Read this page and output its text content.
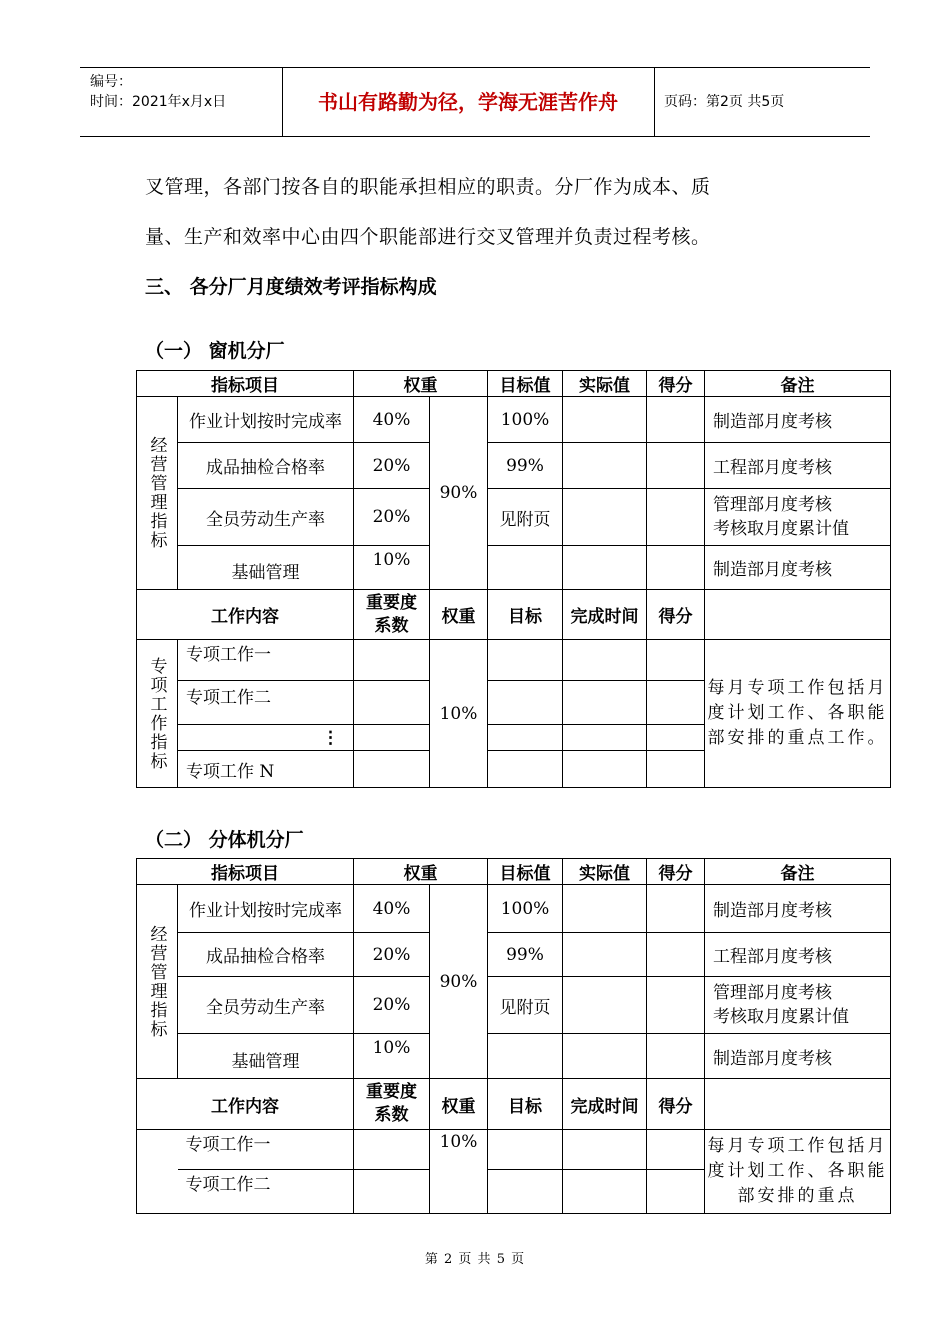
编号：
时间：2021年x月x日	书山有路勤为径，学海无涯苦作舟	页码：第2页 共5页
叉管理，各部门按各自的职能承担相应的职责。分厂作为成本、质
量、生产和效率中心由四个职能部进行交叉管理并负责过程考核。
三、 各分厂月度绩效考评指标构成
（一） 窗机分厂
指标项目		权重		目标值	实际值	得分	备注
经营管理指标	作业计划按时完成率	40%	90%	100%			制造部月度考核
	成品抽检合格率	20%		99%			工程部月度考核
	全员劳动生产率	20%		见附页			管理部月度考核
考核取月度累计值

	基础管理	10%					制造部月度考核
工作内容		重要度系数	权重	目标	完成时间	得分	
专项工作指标	专项工作一		10%				每月专项工作包括月度计划工作、各职能部安排的重点工作。
	专项工作二						
	⋮						
	专项工作 N						
（二） 分体机分厂
指标项目		权重		目标值	实际值	得分	备注
经营管理指标	作业计划按时完成率	40%	90%	100%			制造部月度考核
	成品抽检合格率	20%		99%			工程部月度考核
	全员劳动生产率	20%		见附页			管理部月度考核
考核取月度累计值

	基础管理	10%					制造部月度考核
工作内容		重要度系数	权重	目标	完成时间	得分	
	专项工作一		10%				每月专项工作包括月度计划工作、各职能部安排的重点
	专项工作二						
第 2 页 共 5 页
